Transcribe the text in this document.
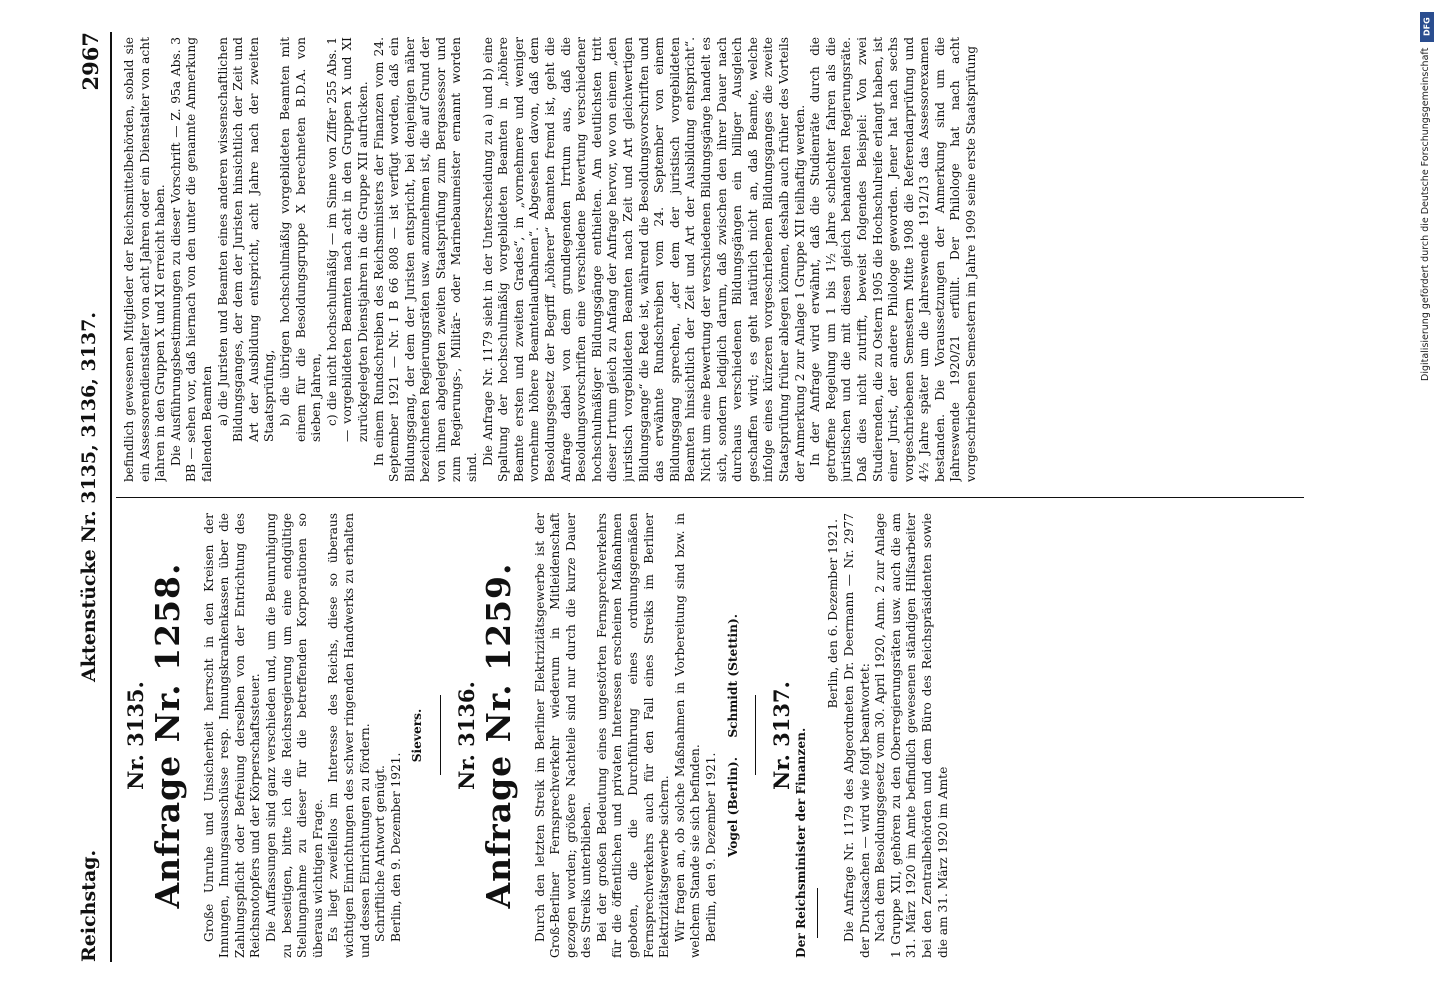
Aktenstücke Nr. 3135, 3136, 3137.
Reichstag.
2967
Nr. 3135. Anfrage Nr. 1258. Große Unruhe und Unsicherheit herrscht in den Kreisen der Innungen, Innungsausschüsse resp. Innungskrankenkassen über die Zahlungspflicht oder Befreiung derselben von der Entrichtung des Reichsnotopfers und der Körperschaftssteuer. Die Auffassungen sind ganz verschieden und, um die Beunruhigung zu beseitigen, bitte ich die Reichsregierung um eine endgültige Stellungnahme zu dieser für die betreffenden Korporationen so überaus wichtigen Frage. Es liegt zweifellos im Interesse des Reichs, diese so überaus wichtigen Einrichtungen des schwer ringenden Handwerks zu erhalten und dessen Einrichtungen zu fördern. Schriftliche Antwort genügt. Berlin, den 9. Dezember 1921.

Sievers. Nr. 3136. Anfrage Nr. 1259. Durch den letzten Streik im Berliner Elektrizitätsgewerbe ist der Groß-Berliner Fernsprechverkehr wiederum in Mitleidenschaft gezogen worden; größere Nachteile sind nur durch die kurze Dauer des Streiks unterblieben. Bei der großen Bedeutung eines ungestörten Fernsprechverkehrs für die öffentlichen und privaten Interessen erscheinen Maßnahmen geboten, die die Durchführung eines ordnungsgemäßen Fernsprechverkehrs auch für den Fall eines Streiks im Berliner Elektrizitätsgewerbe sichern. Wir fragen an, ob solche Maßnahmen in Vorbereitung sind bzw. in welchem Stande sie sich befinden. Berlin, den 9. Dezember 1921. Vogel (Berlin).     Schmidt (Stettin). Nr. 3137. Der Reichsminister der Finanzen.

Berlin, den 6. Dezember 1921. Die Anfrage Nr. 1179 des Abgeordneten Dr. Deermann — Nr. 2977 der Drucksachen — wird wie folgt beantwortet: Nach dem Besoldungsgesetz vom 30. April 1920, Anm. 2 zur Anlage 1 Gruppe XII, gehören zu den Oberregierungsräten usw. auch die am 31. März 1920 im Amte befindlich gewesenen ständigen Hilfsarbeiter bei den Zentralbehörden und dem Büro des Reichspräsidenten sowie die am 31. März 1920 im Amte

befindlich gewesenen Mitglieder der Reichsmittelbehörden, sobald sie ein Assessorendienstalter von acht Jahren oder ein Dienstalter von acht Jahren in den Gruppen X und XI erreicht haben. Die Ausführungsbestimmungen zu dieser Vorschrift — Z. 95a Abs. 3 BB — sehen vor, daß hiernach von den unter die genannte Anmerkung fallenden Beamten a) die Juristen und Beamten eines anderen wissenschaftlichen Bildungsganges, der dem der Juristen hinsichtlich der Zeit und Art der Ausbildung entspricht, acht Jahre nach der zweiten Staatsprüfung, b) die übrigen hochschulmäßig vorgebildeten Beamten mit einem für die Besoldungsgruppe X berechneten B.D.A. von sieben Jahren, c) die nicht hochschulmäßig — im Sinne von Ziffer 255 Abs. 1 — vorgebildeten Beamten nach acht in den Gruppen X und XI zurückgelegten Dienstjahren in die Gruppe XII aufrücken. In einem Rundschreiben des Reichsministers der Finanzen vom 24. September 1921 — Nr. I B 66 808 — ist verfügt worden, daß ein Bildungsgang, der dem der Juristen entspricht, bei denjenigen näher bezeichneten Regierungsräten usw. anzunehmen ist, die auf Grund der von ihnen abgelegten zweiten Staatsprüfung zum Bergassessor und zum Regierungs-, Militär- oder Marinebaumeister ernannt worden sind.

Die Anfrage Nr. 1179 sieht in der Unterscheidung zu a) und b) eine Spaltung der hochschulmäßig vorgebildeten Beamten in „höhere Beamte ersten und zweiten Grades“, in „vornehmere und weniger vornehme höhere Beamtenlaufbahnen“. Abgesehen davon, daß dem Besoldungsgesetz der Begriff „höherer“ Beamten fremd ist, geht die Anfrage dabei von dem grundlegenden Irrtum aus, daß die Besoldungsvorschriften eine verschiedene Bewertung verschiedener hochschulmäßiger Bildungsgänge enthielten. Am deutlichsten tritt dieser Irrtum gleich zu Anfang der Anfrage hervor, wo von einem „den juristisch vorgebildeten Beamten nach Zeit und Art gleichwertigen Bildungsgange“ die Rede ist, während die Besoldungsvorschriften und das erwähnte Rundschreiben vom 24. September von einem Bildungsgang sprechen, „der dem der juristisch vorgebildeten Beamten hinsichtlich der Zeit und Art der Ausbildung entspricht“. Nicht um eine Bewertung der verschiedenen Bildungsgänge handelt es sich, sondern lediglich darum, daß zwischen den ihrer Dauer nach durchaus verschiedenen Bildungsgängen ein billiger Ausgleich geschaffen wird; es geht natürlich nicht an, daß Beamte, welche infolge eines kürzeren vorgeschriebenen Bildungsganges die zweite Staatsprüfung früher ablegen können, deshalb auch früher des Vorteils der Anmerkung 2 zur Anlage 1 Gruppe XII teilhaftig werden. In der Anfrage wird erwähnt, daß die Studienräte durch die getroffene Regelung um 1 bis 1½ Jahre schlechter fahren als die juristischen und die mit diesen gleich behandelten Regierungsräte. Daß dies nicht zutrifft, beweist folgendes Beispiel: Von zwei Studierenden, die zu Ostern 1905 die Hochschulreife erlangt haben, ist einer Jurist, der andere Philologe geworden. Jener hat nach sechs vorgeschriebenen Semestern Mitte 1908 die Referendarprüfung und 4½ Jahre später um die Jahreswende 1912/13 das Assessorexamen bestanden. Die Voraussetzungen der Anmerkung sind um die Jahreswende 1920/21 erfüllt. Der Philologe hat nach acht vorgeschriebenen Semestern im Jahre 1909 seine erste Staatsprüfung

DFG
Digitalisierung gefördert durch die Deutsche Forschungsgemeinschaft
